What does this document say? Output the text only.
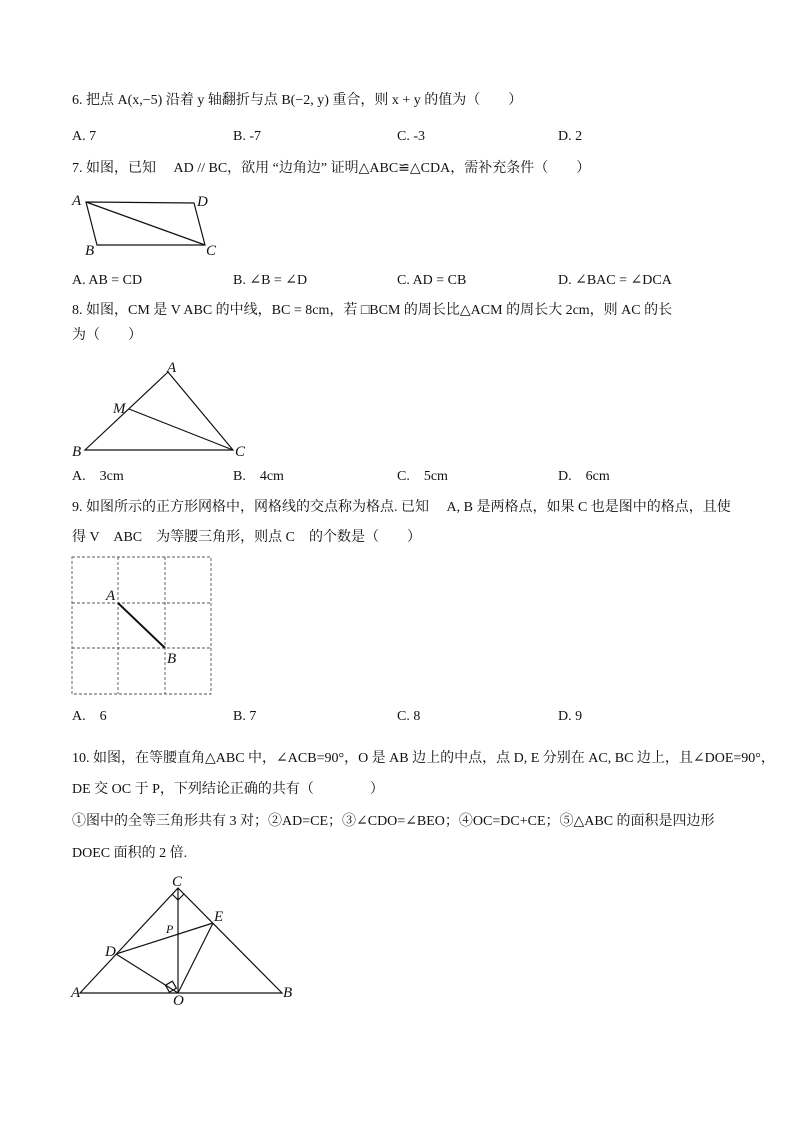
6. 把点 A(x,−5) 沿着 y 轴翻折与点 B(−2, y) 重合，则 x + y 的值为（　　）
A. 7	B. -7	C. -3	D. 2
7. 如图，已知　 AD // BC，欲用 “边角边” 证明△ABC≌△CDA，需补充条件（　　）
A	D
B	C
A. AB = CD	B. ∠B = ∠D	C. AD = CB	D. ∠BAC = ∠DCA
8. 如图，CM 是 V ABC 的中线，BC = 8cm，若 □BCM 的周长比△ACM 的周长大 2cm，则 AC 的长
为（　　）
A
M
B	C
A.　3cm	B.　4cm	C.　5cm	D.　6cm
9. 如图所示的正方形网格中，网格线的交点称为格点. 已知　 A, B 是两格点，如果 C 也是图中的格点，且使
得 V　ABC　为等腰三角形，则点 C　的个数是（　　）
A
B
A.　6	B. 7	C. 8	D. 9
10. 如图，在等腰直角△ABC 中，∠ACB=90°，O 是 AB 边上的中点，点 D, E 分别在 AC, BC 边上，且∠DOE=90°，
DE 交 OC 于 P，下列结论正确的共有（　　　　）
①图中的全等三角形共有 3 对；②AD=CE；③∠CDO=∠BEO；④OC=DC+CE；⑤△ABC 的面积是四边形
DOEC 面积的 2 倍.
C
E
P
D
A	O	B
